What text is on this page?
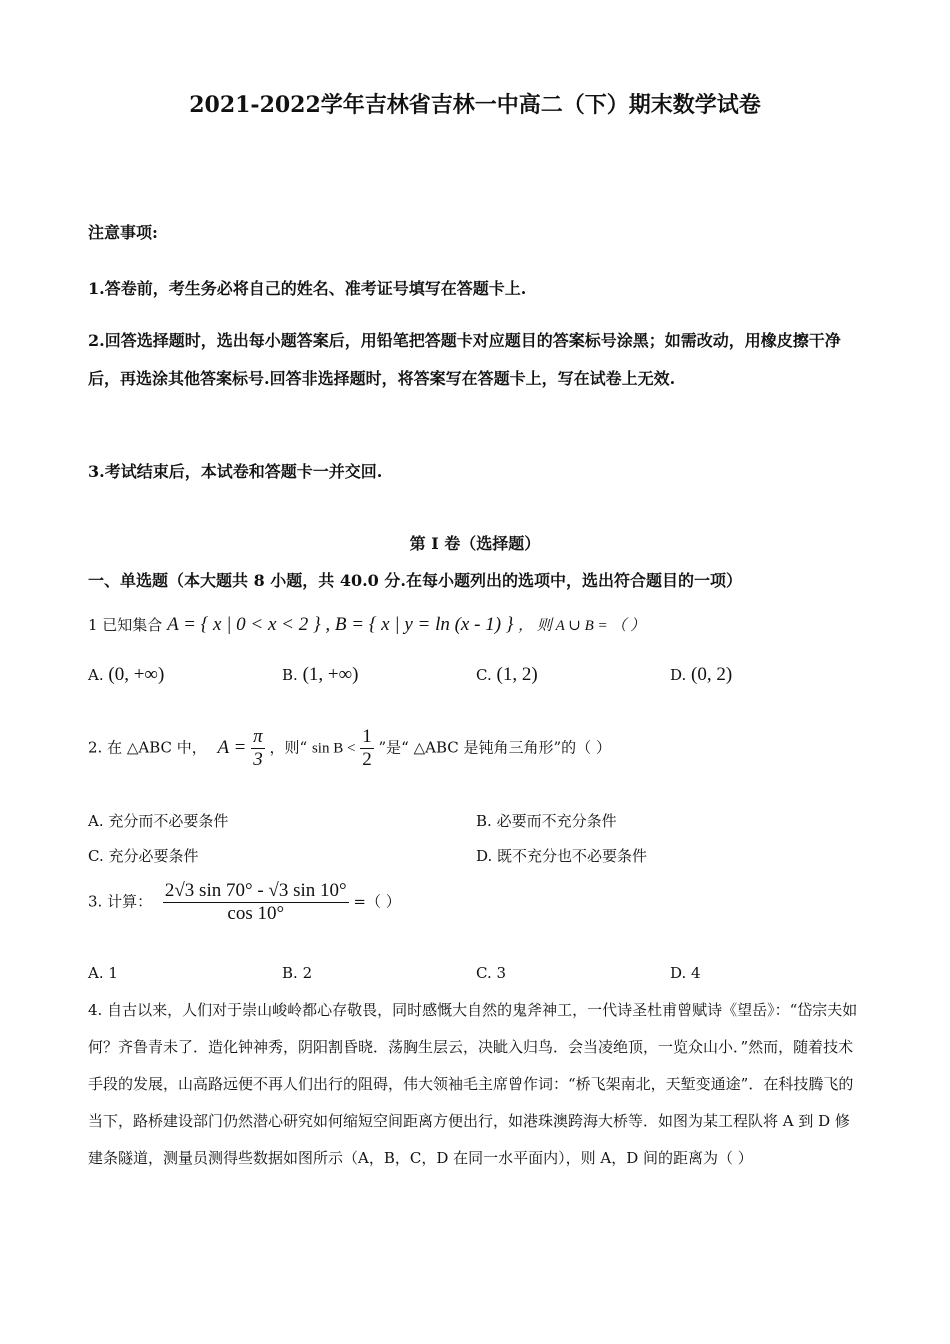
2021-2022学年吉林省吉林一中高二（下）期末数学试卷
注意事项:
1.答卷前，考生务必将自己的姓名、准考证号填写在答题卡上.
2.回答选择题时，选出每小题答案后，用铅笔把答题卡对应题目的答案标号涂黑；如需改动，用橡皮擦干净后，再选涂其他答案标号.回答非选择题时，将答案写在答题卡上，写在试卷上无效.
3.考试结束后，本试卷和答题卡一并交回.
第 I 卷（选择题）
一、单选题（本大题共 8 小题，共 40.0 分.在每小题列出的选项中，选出符合题目的一项）
1 已知集合 A = { x | 0 < x < 2 } , B = { x | y = ln (x - 1) } ， 则 A ∪ B = （ ）
A. (0, +∞)	B. (1, +∞)	C. (1, 2)	D. (0, 2)
2. 在 △ABC 中， $A = \frac{\pi}{3}$ ，则“ $\sin B < \frac{1}{2}$ ”是“ △ABC 是钝角三角形”的（ ）
A. 充分而不必要条件	B. 必要而不充分条件
C. 充分必要条件	D. 既不充分也不必要条件
3. 计算： $\frac{2√3 \sin 70^\circ - √3 \sin 10^\circ}{\cos 10^\circ}$ =（ ）
A. 1	B. 2	C. 3	D. 4
4. 自古以来，人们对于崇山峻岭都心存敬畏，同时感慨大自然的鬼斧神工，一代诗圣杜甫曾赋诗《望岳》：“岱宗夫如何？齐鲁青未了．造化钟神秀，阴阳割昏晓．荡胸生层云，决眦入归鸟．会当凌绝顶，一览众山小．”然而，随着技术手段的发展，山高路远便不再人们出行的阻碍，伟大领袖毛主席曾作词：“桥飞架南北，天堑变通途”．在科技腾飞的当下，路桥建设部门仍然潜心研究如何缩短空间距离方便出行，如港珠澳跨海大桥等．如图为某工程队将 A 到 D 修建条隧道，测量员测得些数据如图所示（A，B，C，D 在同一水平面内），则 A，D 间的距离为（ ）
